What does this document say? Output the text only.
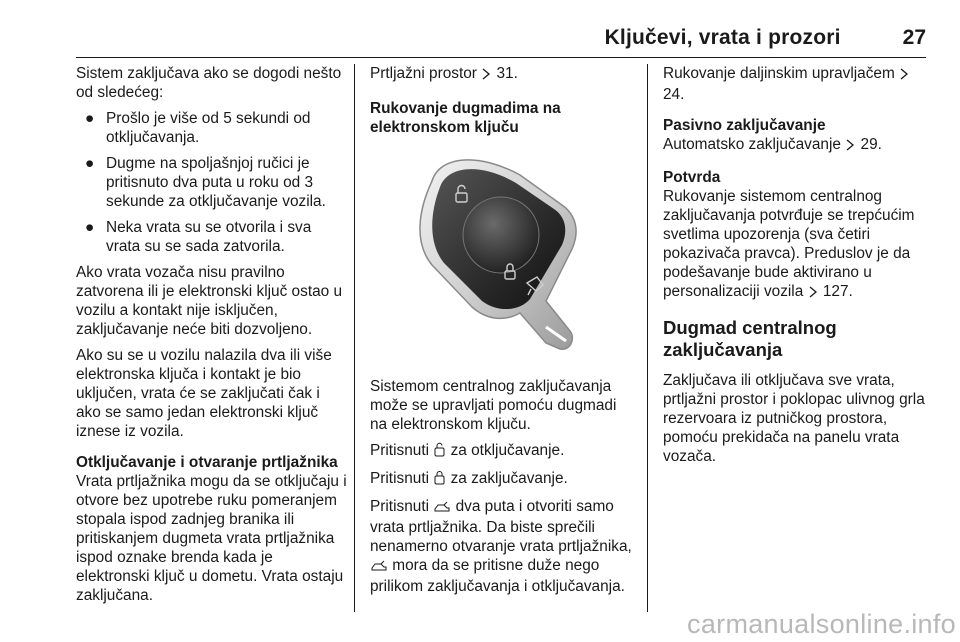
Ključevi, vrata i prozori	27

Sistem zaključava ako se dogodi nešto od sledećeg:

● Prošlo je više od 5 sekundi od otključavanja.
● Dugme na spoljašnjoj ručici je pritisnuto dva puta u roku od 3 sekunde za otključavanje vozila.
● Neka vrata su se otvorila i sva vrata su se sada zatvorila.

Ako vrata vozača nisu pravilno zatvorena ili je elektronski ključ ostao u vozilu a kontakt nije isključen, zaključavanje neće biti dozvoljeno.

Ako su se u vozilu nalazila dva ili više elektronska ključa i kontakt je bio uključen, vrata će se zaključati čak i ako se samo jedan elektronski ključ iznese iz vozila.

Otključavanje i otvaranje prtljažnika

Vrata prtljažnika mogu da se otključaju i otvore bez upotrebe ruku pomeranjem stopala ispod zadnjeg branika ili pritiskanjem dugmeta vrata prtljažnika ispod oznake brenda kada je elektronski ključ u dometu. Vrata ostaju zaključana.

Prtljažni prostor 31.

Rukovanje dugmadima na elektronskom ključu

Sistemom centralnog zaključavanja može se upravljati pomoću dugmadi na elektronskom ključu.

Pritisnuti za otključavanje.

Pritisnuti za zaključavanje.

Pritisnuti dva puta i otvoriti samo vrata prtljažnika. Da biste sprečili nenamerno otvaranje vrata prtljažnika,  mora da se pritisne duže nego prilikom zaključavanja i otključavanja.

Rukovanje daljinskim upravljačem  24.

Pasivno zaključavanje

Automatsko zaključavanje 29.

Potvrda

Rukovanje sistemom centralnog zaključavanja potvrđuje se trepćućim svetlima upozorenja (sva četiri pokazivača pravca). Preduslov je da podešavanje bude aktivirano u personalizaciji vozila 127.

Dugmad centralnog zaključavanja

Zaključava ili otključava sve vrata, prtljažni prostor i poklopac ulivnog grla rezervoara iz putničkog prostora, pomoću prekidača na panelu vrata vozača.

carmanualsonline.info
